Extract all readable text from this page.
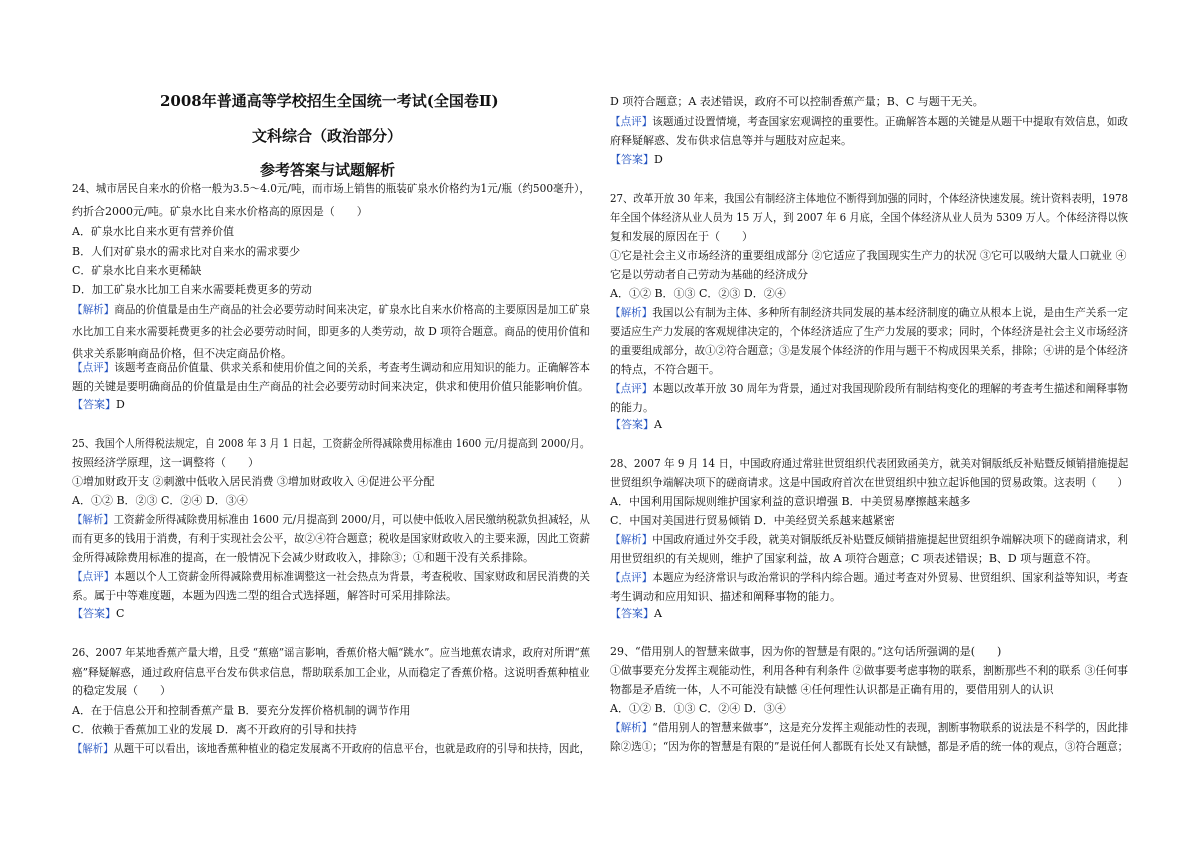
2008年普通高等学校招生全国统一考试(全国卷Ⅱ)
文科综合（政治部分）
参考答案与试题解析
24、城市居民自来水的价格一般为3.5～4.0元/吨，而市场上销售的瓶装矿泉水价格约为1元/瓶（约500毫升），
约折合2000元/吨。矿泉水比自来水价格高的原因是（　　）
A．矿泉水比自来水更有营养价值
B．人们对矿泉水的需求比对自来水的需求要少
C．矿泉水比自来水更稀缺
D．加工矿泉水比加工自来水需要耗费更多的劳动
【解析】商品的价值量是由生产商品的社会必要劳动时间来决定，矿泉水比自来水价格高的主要原因是加工矿泉
水比加工自来水需要耗费更多的社会必要劳动时间，即更多的人类劳动，故 D 项符合题意。商品的使用价值和
供求关系影响商品价格，但不决定商品价格。
【点评】该题考查商品价值量、供求关系和使用价值之间的关系，考查考生调动和应用知识的能力。正确解答本
题的关键是要明确商品的价值量是由生产商品的社会必要劳动时间来决定，供求和使用价值只能影响价值。
【答案】D
25、我国个人所得税法规定，自 2008 年 3 月 1 日起，工资薪金所得减除费用标准由 1600 元/月提高到 2000/月。
按照经济学原理，这一调整将（　　）
①增加财政开支 ②刺激中低收入居民消费 ③增加财政收入 ④促进公平分配
A．①② B．②③ C．②④ D．③④
【解析】工资薪金所得减除费用标准由 1600 元/月提高到 2000/月，可以使中低收入居民缴纳税款负担减轻，从
而有更多的钱用于消费，有利于实现社会公平，故②④符合题意；税收是国家财政收入的主要来源，因此工资薪
金所得减除费用标准的提高，在一般情况下会减少财政收入，排除③；①和题干没有关系排除。
【点评】本题以个人工资薪金所得减除费用标准调整这一社会热点为背景，考查税收、国家财政和居民消费的关
系。属于中等难度题，本题为四选二型的组合式选择题，解答时可采用排除法。
【答案】C
26、2007 年某地香蕉产量大增，且受 “蕉癌”谣言影响，香蕉价格大幅“跳水”。应当地蕉农请求，政府对所谓“蕉
癌”释疑解惑，通过政府信息平台发布供求信息，帮助联系加工企业，从而稳定了香蕉价格。这说明香蕉种植业
的稳定发展（　　）
A．在于信息公开和控制香蕉产量 B．要充分发挥价格机制的调节作用
C．依赖于香蕉加工业的发展 D．离不开政府的引导和扶持
【解析】从题干可以看出，该地香蕉种植业的稳定发展离不开政府的信息平台，也就是政府的引导和扶持，因此，
D 项符合题意；A 表述错误，政府不可以控制香蕉产量；B、C 与题干无关。
【点评】该题通过设置情境，考查国家宏观调控的重要性。正确解答本题的关键是从题干中提取有效信息，如政
府释疑解惑、发布供求信息等并与题肢对应起来。
【答案】D
27、改革开放 30 年来，我国公有制经济主体地位不断得到加强的同时，个体经济快速发展。统计资料表明，1978
年全国个体经济从业人员为 15 万人，到 2007 年 6 月底，全国个体经济从业人员为 5309 万人。个体经济得以恢
复和发展的原因在于（　　）
①它是社会主义市场经济的重要组成部分 ②它适应了我国现实生产力的状况 ③它可以吸纳大量人口就业 ④
它是以劳动者自己劳动为基础的经济成分
A．①② B．①③ C．②③ D．②④
【解析】我国以公有制为主体、多种所有制经济共同发展的基本经济制度的确立从根本上说，是由生产关系一定
要适应生产力发展的客观规律决定的，个体经济适应了生产力发展的要求；同时，个体经济是社会主义市场经济
的重要组成部分，故①②符合题意；③是发展个体经济的作用与题干不构成因果关系，排除；④讲的是个体经济
的特点，不符合题干。
【点评】本题以改革开放 30 周年为背景，通过对我国现阶段所有制结构变化的理解的考查考生描述和阐释事物
的能力。
【答案】A
28、2007 年 9 月 14 日，中国政府通过常驻世贸组织代表团致函美方，就美对铜版纸反补贴暨反倾销措施提起
世贸组织争端解决项下的磋商请求。这是中国政府首次在世贸组织中独立起诉他国的贸易政策。这表明（　　）
A．中国利用国际规则维护国家利益的意识增强 B．中美贸易摩擦越来越多
C．中国对美国进行贸易倾销 D．中美经贸关系越来越紧密
【解析】中国政府通过外交手段，就美对铜版纸反补贴暨反倾销措施提起世贸组织争端解决项下的磋商请求，利
用世贸组织的有关规则，维护了国家利益，故 A 项符合题意；C 项表述错误；B、D 项与题意不符。
【点评】本题应为经济常识与政治常识的学科内综合题。通过考查对外贸易、世贸组织、国家利益等知识，考查
考生调动和应用知识、描述和阐释事物的能力。
【答案】A
29、“借用别人的智慧来做事，因为你的智慧是有限的。”这句话所强调的是(　　)
①做事要充分发挥主观能动性，利用各种有利条件 ②做事要考虑事物的联系，割断那些不利的联系 ③任何事
物都是矛盾统一体，人不可能没有缺憾 ④任何理性认识都是正确有用的，要借用别人的认识
A．①② B．①③ C．②④ D．③④
【解析】“借用别人的智慧来做事”，这是充分发挥主观能动性的表现，割断事物联系的说法是不科学的，因此排
除②选①；“因为你的智慧是有限的”是说任何人都既有长处又有缺憾，都是矛盾的统一体的观点，③符合题意；
